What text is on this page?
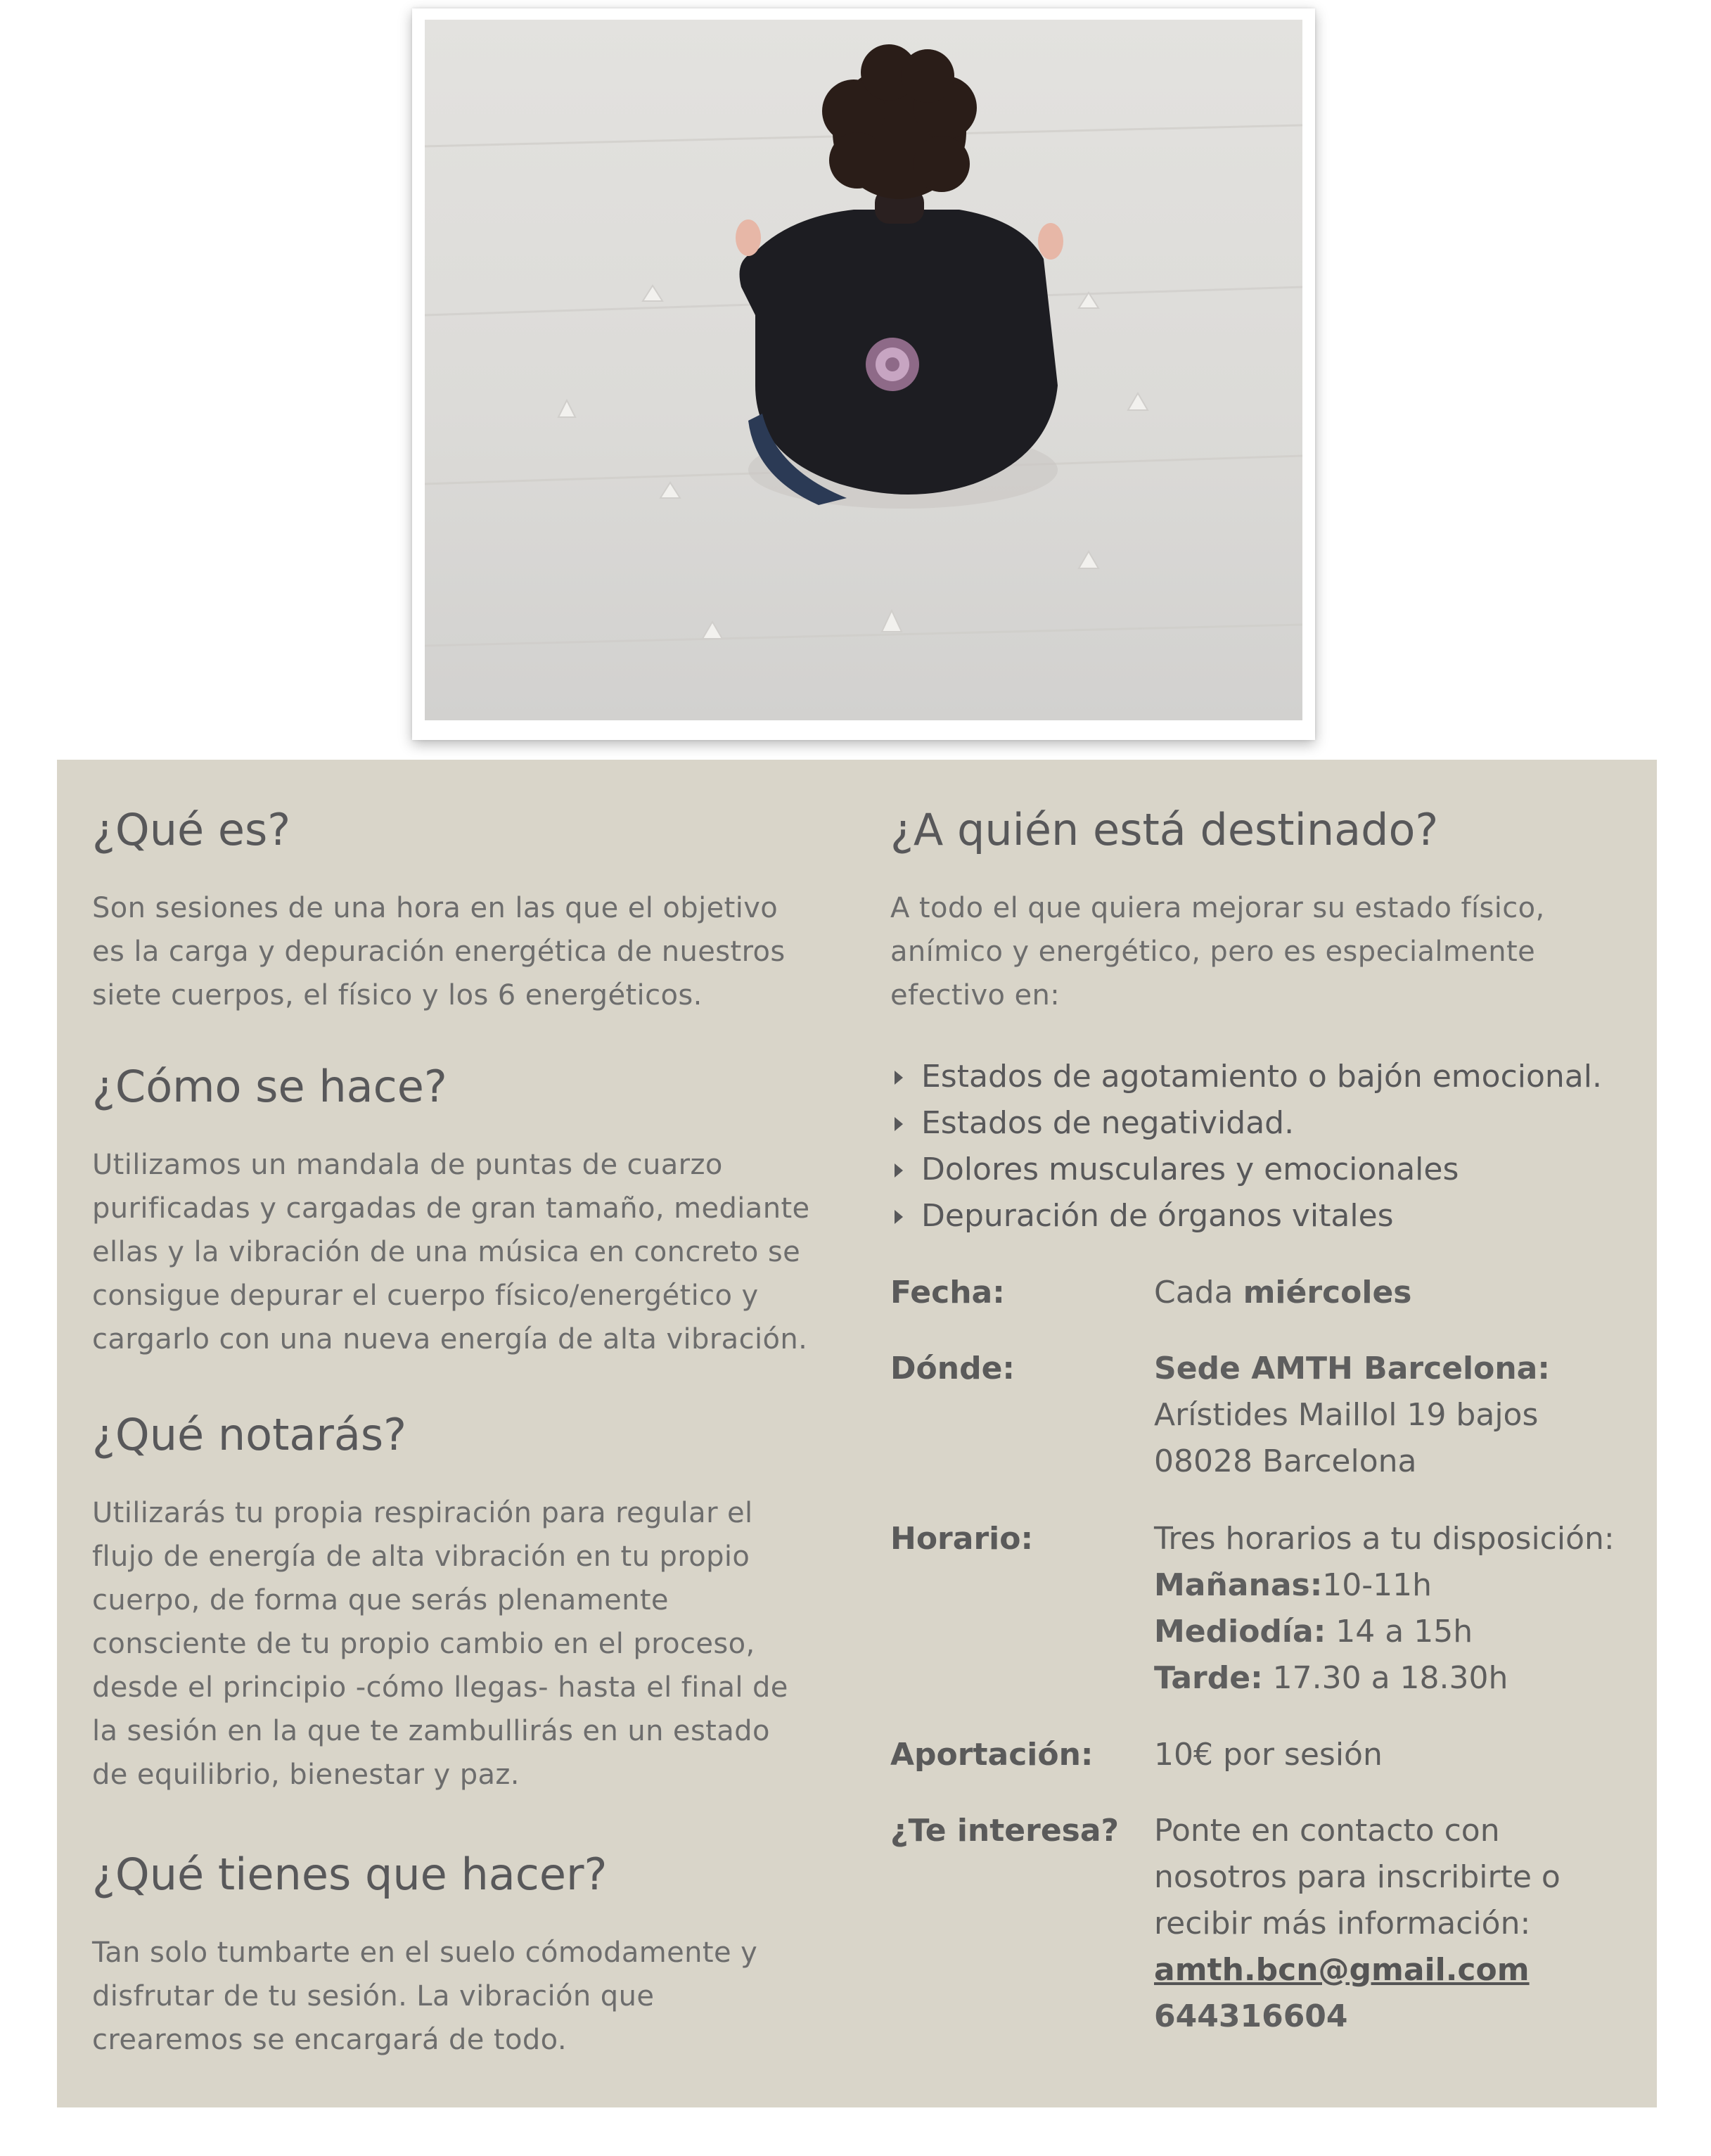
¿Qué es?
Son sesiones de una hora en las que el objetivo
es la carga y depuración energética de nuestros
siete cuerpos, el físico y los 6 energéticos.
¿Cómo se hace?
Utilizamos un mandala de puntas de cuarzo
purificadas y cargadas de gran tamaño, mediante
ellas y la vibración de una música en concreto se
consigue depurar el cuerpo físico/energético y
cargarlo con una nueva energía de alta vibración.
¿Qué notarás?
Utilizarás tu propia respiración para regular el
flujo de energía de alta vibración en tu propio
cuerpo, de forma que serás plenamente
consciente de tu propio cambio en el proceso,
desde el principio -cómo llegas- hasta el final de
la sesión en la que te zambullirás en un estado
de equilibrio, bienestar y paz.
¿Qué tienes que hacer?
Tan solo tumbarte en el suelo cómodamente y
disfrutar de tu sesión. La vibración que
crearemos se encargará de todo.
¿A quién está destinado?
A todo el que quiera mejorar su estado físico,
anímico y energético, pero es especialmente
efectivo en:
Estados de agotamiento o bajón emocional.
Estados de negatividad.
Dolores musculares y emocionales
Depuración de órganos vitales
Fecha:	Cada miércoles
Dónde:	Sede AMTH Barcelona:
Arístides Maillol 19 bajos
08028 Barcelona
Horario:	Tres horarios a tu disposición:
Mañanas:10-11h
Mediodía: 14 a 15h
Tarde: 17.30 a 18.30h
Aportación: 10€ por sesión
¿Te interesa? Ponte en contacto con
nosotros para inscribirte o
recibir más información:
amth.bcn@gmail.com
644316604
